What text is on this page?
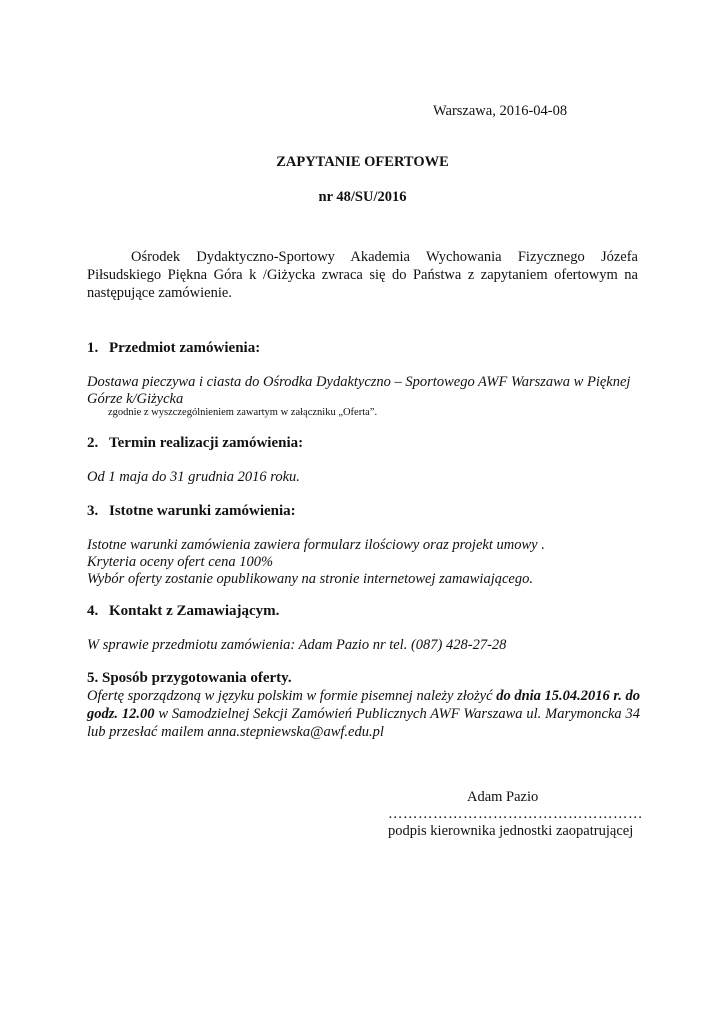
Warszawa, 2016-04-08
ZAPYTANIE OFERTOWE
nr 48/SU/2016
Ośrodek Dydaktyczno-Sportowy Akademia Wychowania Fizycznego Józefa Piłsudskiego Piękna Góra k /Giżycka zwraca się do Państwa z zapytaniem ofertowym na następujące zamówienie.
1. Przedmiot zamówienia:
Dostawa pieczywa i ciasta do Ośrodka Dydaktyczno – Sportowego AWF Warszawa w Pięknej
Górze k/Giżycka
zgodnie z wyszczególnieniem zawartym w załączniku „Oferta”.
2. Termin realizacji zamówienia:
Od 1 maja do 31 grudnia 2016 roku.
3. Istotne warunki zamówienia:
Istotne warunki zamówienia zawiera formularz ilościowy oraz projekt umowy .
Kryteria oceny ofert cena 100%
Wybór oferty zostanie opublikowany na stronie internetowej zamawiającego.
4. Kontakt z Zamawiającym.
W sprawie przedmiotu zamówienia: Adam Pazio nr tel. (087) 428-27-28
5. Sposób przygotowania oferty.
Ofertę sporządzoną w języku polskim w formie pisemnej należy złożyć do dnia 15.04.2016 r. do godz. 12.00 w Samodzielnej Sekcji Zamówień Publicznych AWF Warszawa ul. Marymoncka 34 lub przesłać mailem anna.stepniewska@awf.edu.pl
Adam Pazio
……………………………………………
podpis kierownika jednostki zaopatrującej
